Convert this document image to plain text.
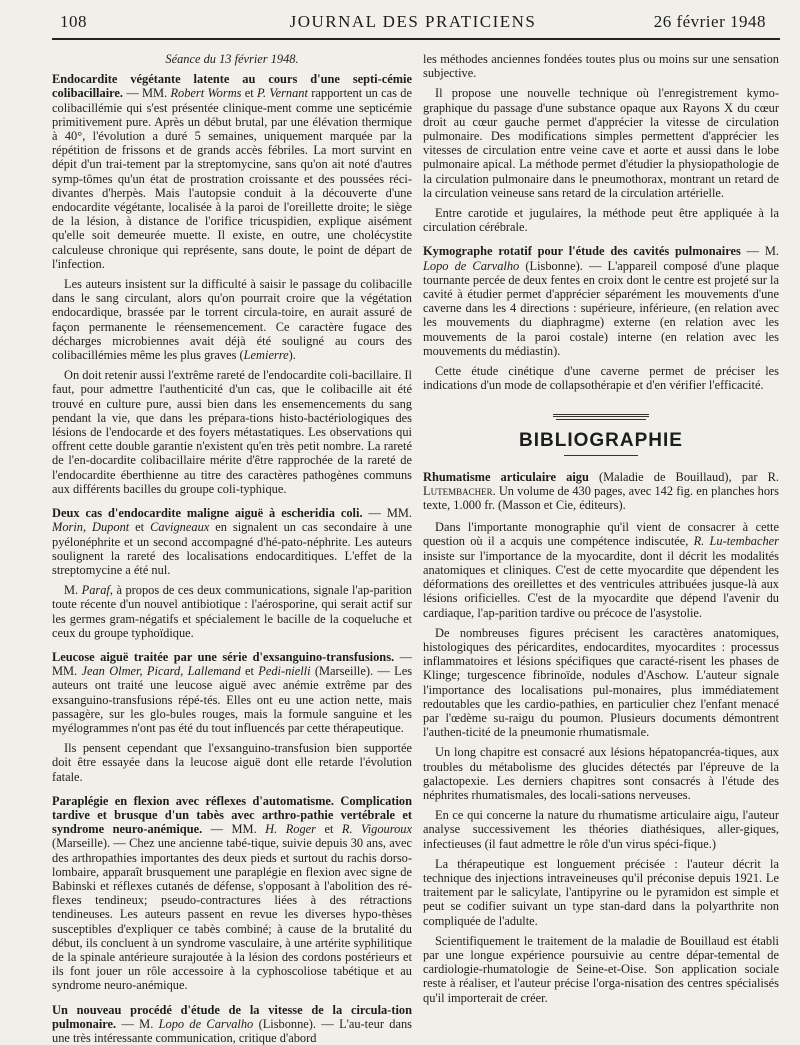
108	JOURNAL DES PRATICIENS	26 février 1948

Séance du 13 février 1948.

Endocardite végétante latente au cours d'une septi-cémie colibacillaire. — MM. Robert Worms et P. Vernant rapportent un cas de colibacillémie qui s'est présentée clinique-ment comme une septicémie primitivement pure. Après un début brutal, par une élévation thermique à 40°, l'évolution a duré 5 semaines, uniquement marquée par la répétition de frissons et de grands accès fébriles. La mort survint en dépit d'un trai-tement par la streptomycine, sans qu'on ait noté d'autres symp-tômes qu'un état de prostration croissante et des poussées réci-divantes d'herpès. Mais l'autopsie conduit à la découverte d'une endocardite végétante, localisée à la paroi de l'oreillette droite; le siège de la lésion, à distance de l'orifice tricuspidien, explique aisément qu'elle soit demeurée muette. Il existe, en outre, une cholécystite calculeuse chronique qui représente, sans doute, le point de départ de l'infection.

Les auteurs insistent sur la difficulté à saisir le passage du colibacille dans le sang circulant, alors qu'on pourrait croire que la végétation endocardique, brassée par le torrent circula-toire, en aurait assuré de façon permanente le réensemencement. Ce caractère fugace des décharges microbiennes avait déjà été souligné au cours des colibacillémies même les plus graves (Lemierre).

On doit retenir aussi l'extrême rareté de l'endocardite coli-bacillaire. Il faut, pour admettre l'authenticité d'un cas, que le colibacille ait été trouvé en culture pure, aussi bien dans les ensemencements du sang pendant la vie, que dans les prépara-tions histo-bactériologiques des lésions de l'endocarde et des foyers métastatiques. Les observations qui offrent cette double garantie n'existent qu'en très petit nombre. La rareté de l'en-docardite colibacillaire mérite d'être rapprochée de la rareté de l'endocardite éberthienne au titre des caractères pathogènes communs aux différents bacilles du groupe coli-typhique.

Deux cas d'endocardite maligne aiguë à escheridia coli. — MM. Morin, Dupont et Cavigneaux en signalent un cas secondaire à une pyélonéphrite et un second accompagné d'hé-pato-néphrite. Les auteurs soulignent la rareté des localisations endocarditiques. L'effet de la streptomycine a été nul.

M. Paraf, à propos de ces deux communications, signale l'ap-parition toute récente d'un nouvel antibiotique : l'aérosporine, qui serait actif sur les germes gram-négatifs et spécialement le bacille de la coqueluche et ceux du groupe typhoïdique.

Leucose aiguë traitée par une série d'exsanguino-transfusions. — MM. Jean Olmer, Picard, Lallemand et Pedi-nielli (Marseille). — Les auteurs ont traité une leucose aiguë avec anémie extrême par des exsanguino-transfusions répé-tés. Elles ont eu une action nette, mais passagère, sur les glo-bules rouges, mais la formule sanguine et les myélogrammes n'ont pas été du tout influencés par cette thérapeutique.

Ils pensent cependant que l'exsanguino-transfusion bien supportée doit être essayée dans la leucose aiguë dont elle retarde l'évolution fatale.

Paraplégie en flexion avec réflexes d'automatisme. Complication tardive et brusque d'un tabès avec arthro-pathie vertébrale et syndrome neuro-anémique. — MM. H. Roger et R. Vigouroux (Marseille). — Chez une ancienne tabé-tique, suivie depuis 30 ans, avec des arthropathies importantes des deux pieds et surtout du rachis dorso-lombaire, apparaît brusquement une paraplégie en flexion avec signe de Babinski et réflexes cutanés de défense, s'opposant à l'abolition des ré-flexes tendineux; pseudo-contractures liées à des rétractions tendineuses. Les auteurs passent en revue les diverses hypo-thèses susceptibles d'expliquer ce tabès combiné; à cause de la brutalité du début, ils concluent à un syndrome vasculaire, à une artérite syphilitique de la spinale antérieure surajoutée à la lésion des cordons postérieurs et ils font jouer un rôle accessoire à la cyphoscoliose tabétique et au syndrome neuro-anémique.

Un nouveau procédé d'étude de la vitesse de la circula-tion pulmonaire. — M. Lopo de Carvalho (Lisbonne). — L'au-teur dans une très intéressante communication, critique d'abord

les méthodes anciennes fondées toutes plus ou moins sur une sensation subjective.

Il propose une nouvelle technique où l'enregistrement kymo-graphique du passage d'une substance opaque aux Rayons X du cœur droit au cœur gauche permet d'apprécier la vitesse de circulation pulmonaire. Des modifications simples permettent d'apprécier les vitesses de circulation entre veine cave et aorte et aussi dans le lobe pulmonaire apical. La méthode permet d'étudier la physiopathologie de la circulation pulmonaire dans le pneumothorax, montrant un retard de la circulation veineuse sans retard de la circulation artérielle.

Entre carotide et jugulaires, la méthode peut être appliquée à la circulation cérébrale.

Kymographe rotatif pour l'étude des cavités pulmonaires — M. Lopo de Carvalho (Lisbonne). — L'appareil composé d'une plaque tournante percée de deux fentes en croix dont le centre est projeté sur la cavité à étudier permet d'apprécier séparément les mouvements d'une caverne dans les 4 directions : supérieure, inférieure, (en relation avec les mouvements du diaphragme) externe (en relation avec les mouvements de la paroi costale) interne (en relation avec les mouvements du médiastin).

Cette étude cinétique d'une caverne permet de préciser les indications d'un mode de collapsothérapie et d'en vérifier l'efficacité.

BIBLIOGRAPHIE

Rhumatisme articulaire aigu (Maladie de Bouillaud), par R. Lutembacher. Un volume de 430 pages, avec 142 fig. en planches hors texte, 1.000 fr. (Masson et Cie, éditeurs).

Dans l'importante monographie qu'il vient de consacrer à cette question où il a acquis une compétence indiscutée, R. Lu-tembacher insiste sur l'importance de la myocardite, dont il décrit les modalités anatomiques et cliniques. C'est de cette myocardite que dépendent les déformations des oreillettes et des ventricules attribuées jusque-là aux lésions orificielles. C'est de la myocardite que dépend l'avenir du cardiaque, l'ap-parition tardive ou précoce de l'asystolie.

De nombreuses figures précisent les caractères anatomiques, histologiques des péricardites, endocardites, myocardites : processus inflammatoires et lésions spécifiques que caracté-risent les phases de Klinge; turgescence fibrinoïde, nodules d'Aschow. L'auteur signale l'importance des localisations pul-monaires, plus immédiatement redoutables que les cardio-pathies, en particulier chez l'enfant menacé par l'œdème su-raigu du poumon. Plusieurs documents démontrent l'authen-ticité de la pneumonie rhumatismale.

Un long chapitre est consacré aux lésions hépatopancréa-tiques, aux troubles du métabolisme des glucides détectés par l'épreuve de la galactopexie. Les derniers chapitres sont consacrés à l'étude des néphrites rhumatismales, des locali-sations nerveuses.

En ce qui concerne la nature du rhumatisme articulaire aigu, l'auteur analyse successivement les théories diathésiques, aller-giques, infectieuses (il faut admettre le rôle d'un virus spéci-fique.)

La thérapeutique est longuement précisée : l'auteur décrit la technique des injections intraveineuses qu'il préconise depuis 1921. Le traitement par le salicylate, l'antipyrine ou le pyramidon est simple et peut se codifier suivant un type stan-dard dans la polyarthrite non compliquée de l'adulte.

Scientifiquement le traitement de la maladie de Bouillaud est établi par une longue expérience poursuivie au centre dépar-temental de cardiologie-rhumatologie de Seine-et-Oise. Son application sociale reste à réaliser, et l'auteur précise l'orga-nisation des centres spécialisés qu'il importerait de créer.
